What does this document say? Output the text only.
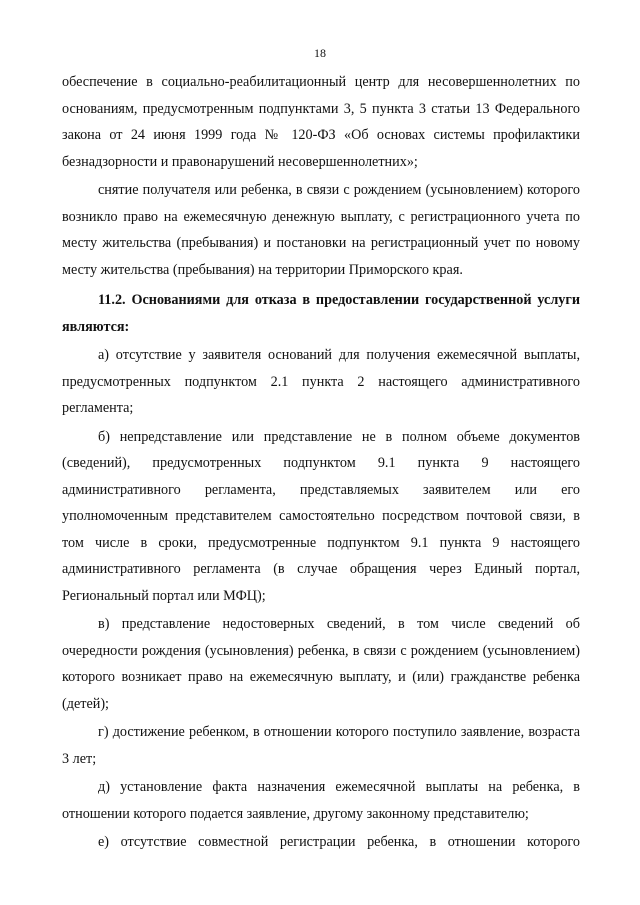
18

обеспечение в социально-реабилитационный центр для несовершеннолетних по основаниям, предусмотренным подпунктами 3, 5 пункта 3 статьи 13 Федерального закона от 24 июня 1999 года № 120-ФЗ «Об основах системы профилактики безнадзорности и правонарушений несовершеннолетних»;

снятие получателя или ребенка, в связи с рождением (усыновлением) которого возникло право на ежемесячную денежную выплату, с регистрационного учета по месту жительства (пребывания) и постановки на регистрационный учет по новому месту жительства (пребывания) на территории Приморского края.

11.2. Основаниями для отказа в предоставлении государственной услуги являются:

а) отсутствие у заявителя оснований для получения ежемесячной выплаты, предусмотренных подпунктом 2.1 пункта 2 настоящего административного регламента;

б) непредставление или представление не в полном объеме документов (сведений), предусмотренных подпунктом 9.1 пункта 9 настоящего административного регламента, представляемых заявителем или его уполномоченным представителем самостоятельно посредством почтовой связи, в том числе в сроки, предусмотренные подпунктом 9.1 пункта 9 настоящего административного регламента (в случае обращения через Единый портал, Региональный портал или МФЦ);

в) представление недостоверных сведений, в том числе сведений об очередности рождения (усыновления) ребенка, в связи с рождением (усыновлением) которого возникает право на ежемесячную выплату, и (или) гражданстве ребенка (детей);

г) достижение ребенком, в отношении которого поступило заявление, возраста 3 лет;

д) установление факта назначения ежемесячной выплаты на ребенка, в отношении которого подается заявление, другому законному представителю;

е) отсутствие совместной регистрации ребенка, в отношении которого
